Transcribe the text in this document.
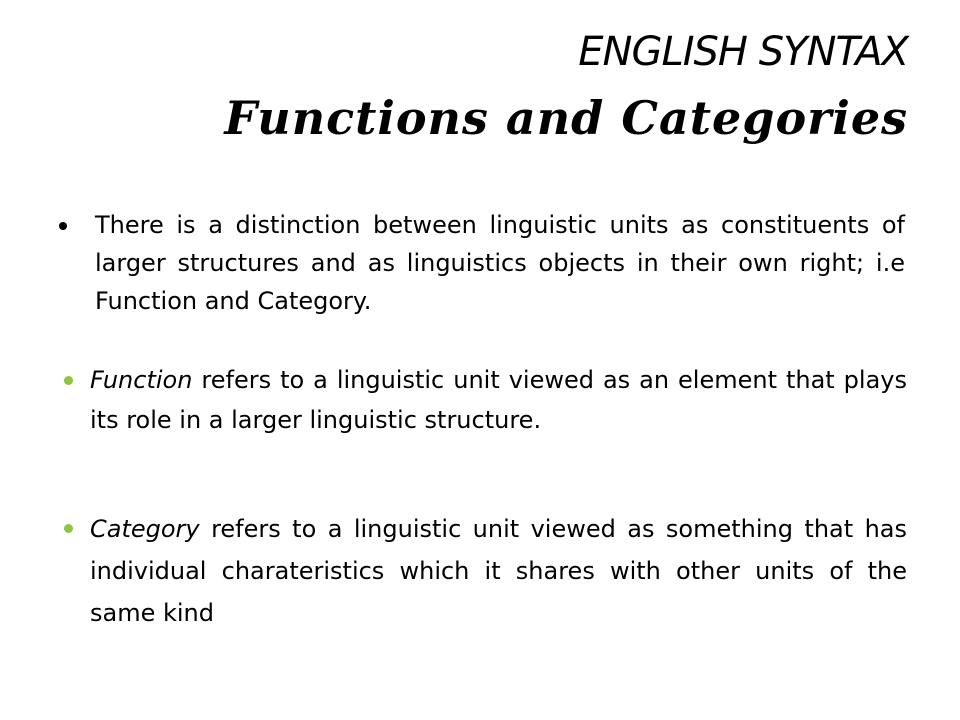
ENGLISH SYNTAX
Functions and Categories
There is a distinction between linguistic units as constituents of larger structures and as linguistics objects in their own right; i.e Function and Category.
Function refers to a linguistic unit viewed as an element that plays its role in a larger linguistic structure.
Category refers to a linguistic unit viewed as something that has individual charateristics which it shares with other units of the same kind
